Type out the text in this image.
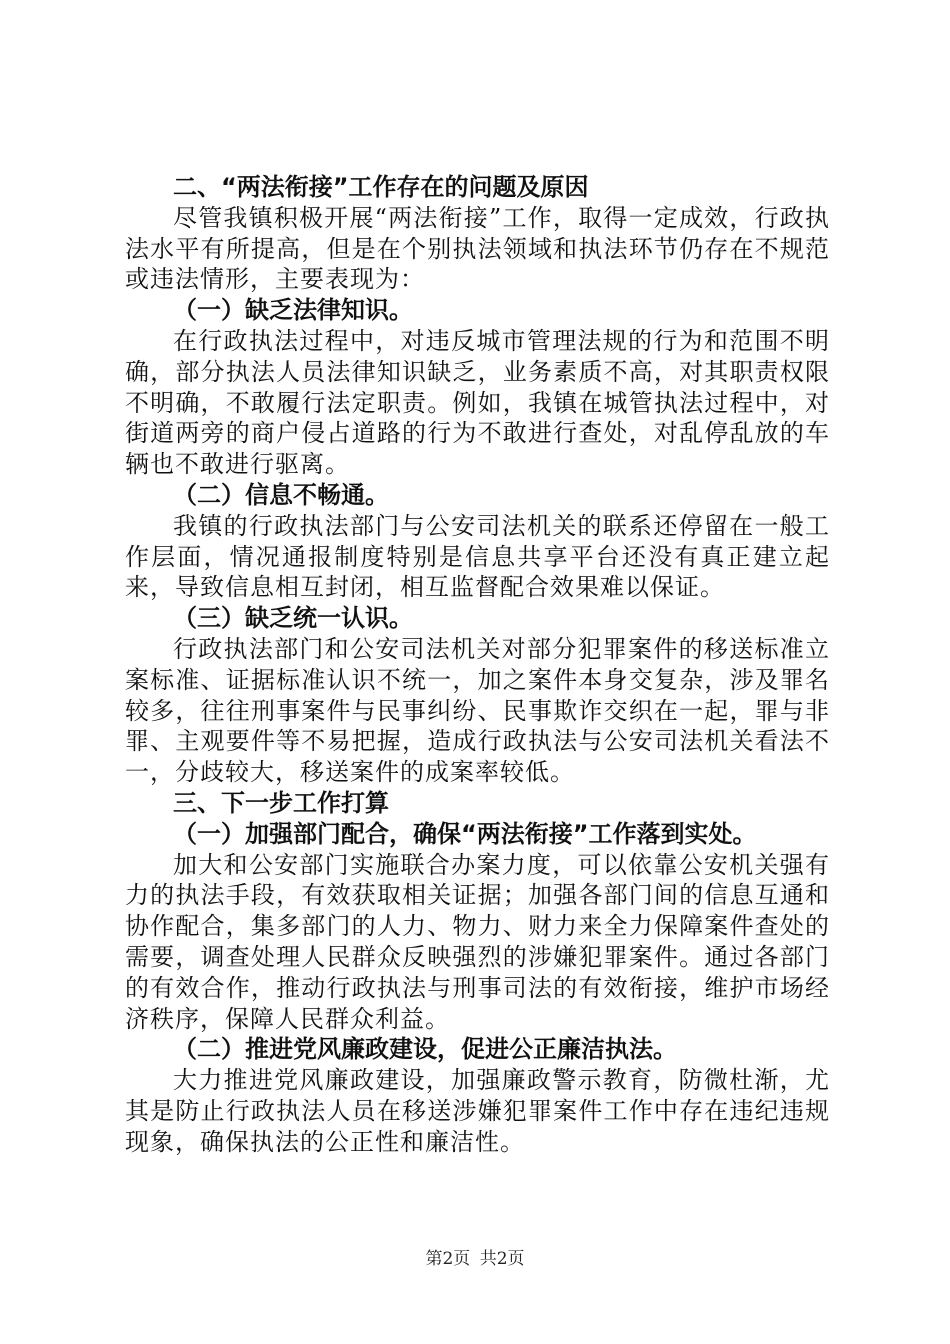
二、“两法衔接”工作存在的问题及原因

尽管我镇积极开展“两法衔接”工作，取得一定成效，行政执法水平有所提高，但是在个别执法领域和执法环节仍存在不规范或违法情形，主要表现为：

（一）缺乏法律知识。

在行政执法过程中，对违反城市管理法规的行为和范围不明确，部分执法人员法律知识缺乏，业务素质不高，对其职责权限不明确，不敢履行法定职责。例如，我镇在城管执法过程中，对街道两旁的商户侵占道路的行为不敢进行查处，对乱停乱放的车辆也不敢进行驱离。

（二）信息不畅通。

我镇的行政执法部门与公安司法机关的联系还停留在一般工作层面，情况通报制度特别是信息共享平台还没有真正建立起来，导致信息相互封闭，相互监督配合效果难以保证。

（三）缺乏统一认识。

行政执法部门和公安司法机关对部分犯罪案件的移送标准立案标准、证据标准认识不统一，加之案件本身交复杂，涉及罪名较多，往往刑事案件与民事纠纷、民事欺诈交织在一起，罪与非罪、主观要件等不易把握，造成行政执法与公安司法机关看法不一，分歧较大，移送案件的成案率较低。

三、下一步工作打算

（一）加强部门配合，确保“两法衔接”工作落到实处。

加大和公安部门实施联合办案力度，可以依靠公安机关强有力的执法手段，有效获取相关证据；加强各部门间的信息互通和协作配合，集多部门的人力、物力、财力来全力保障案件查处的需要，调查处理人民群众反映强烈的涉嫌犯罪案件。通过各部门的有效合作，推动行政执法与刑事司法的有效衔接，维护市场经济秩序，保障人民群众利益。

（二）推进党风廉政建设，促进公正廉洁执法。

大力推进党风廉政建设，加强廉政警示教育，防微杜渐，尤其是防止行政执法人员在移送涉嫌犯罪案件工作中存在违纪违规现象，确保执法的公正性和廉洁性。

第2页 共2页
